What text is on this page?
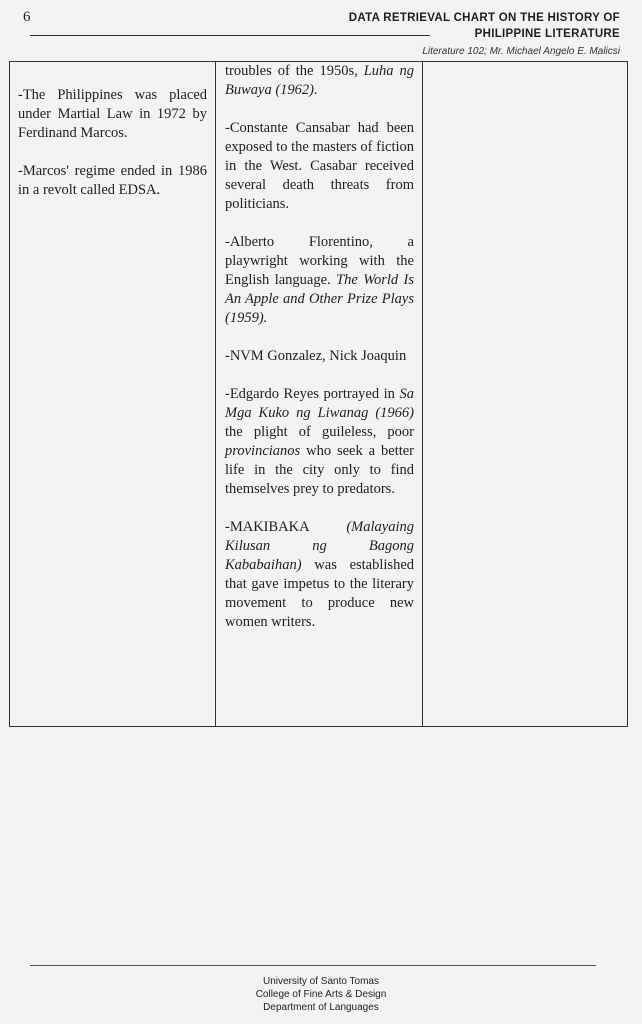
6	DATA RETRIEVAL CHART ON THE HISTORY OF
PHILIPPINE LITERATURE
Literature 102; Mr. Michael Angelo E. Malicsi

-The Philippines was placed under Martial Law in 1972 by Ferdinand Marcos.

-Marcos' regime ended in 1986 in a revolt called EDSA.

troubles of the 1950s, Luha ng Buwaya (1962).

-Constante Cansabar had been exposed to the masters of fiction in the West. Casabar received several death threats from politicians.

-Alberto Florentino, a playwright working with the English language. The World Is An Apple and Other Prize Plays (1959).

-NVM Gonzalez, Nick Joaquin

-Edgardo Reyes portrayed in Sa Mga Kuko ng Liwanag (1966) the plight of guileless, poor provincianos who seek a better life in the city only to find themselves prey to predators.

-MAKIBAKA	(Malayaing Kilusan ng Bagong Kababaihan) was established that gave impetus to the literary movement to produce new women writers.

University of Santo Tomas
College of Fine Arts & Design
Department of Languages
